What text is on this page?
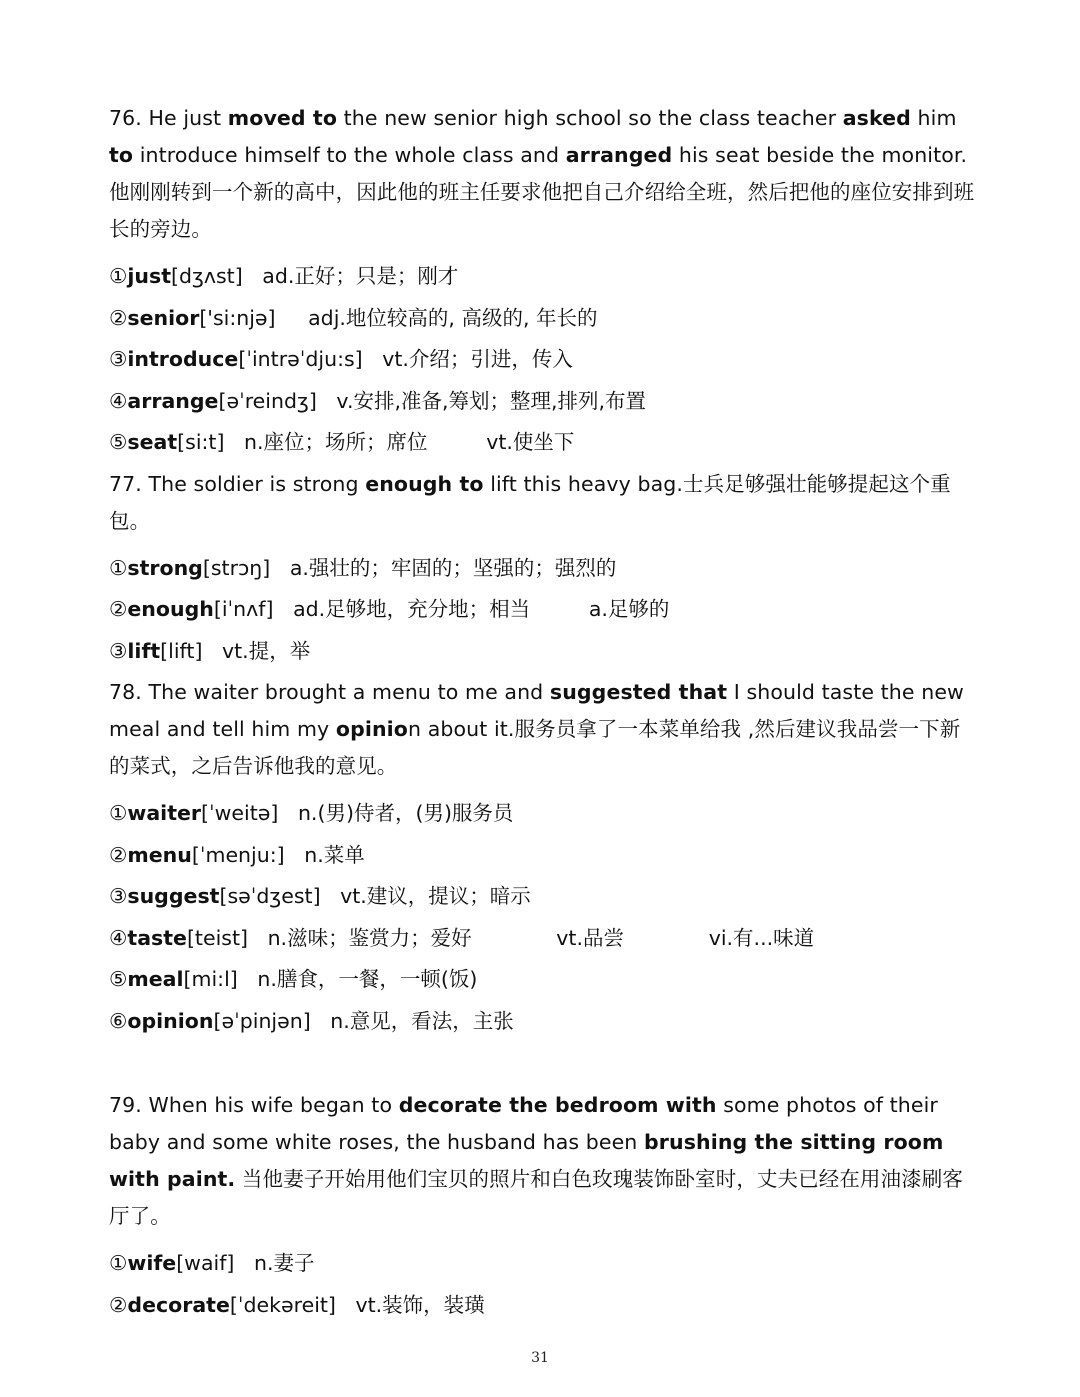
76. He just moved to the new senior high school so the class teacher asked him to introduce himself to the whole class and arranged his seat beside the monitor.他刚刚转到一个新的高中，因此他的班主任要求他把自己介绍给全班，然后把他的座位安排到班长的旁边。

①just[dʒʌst] ad.正好；只是；刚才
②senior['si:njə] adj.地位较高的, 高级的, 年长的
③introduce[ˈintrəˈdju:s] vt.介绍；引进，传入
④arrange[əˈreindʒ] v.安排,准备,筹划；整理,排列,布置
⑤seat[si:t] n.座位；场所；席位	vt.使坐下

77. The soldier is strong enough to lift this heavy bag.士兵足够强壮能够提起这个重包。

①strong[strɔŋ] a.强壮的；牢固的；坚强的；强烈的
②enough[iˈnʌf] ad.足够地，充分地；相当	a.足够的
③lift[lift] vt.提，举

78. The waiter brought a menu to me and suggested that I should taste the new meal and tell him my opinion about it.服务员拿了一本菜单给我 ,然后建议我品尝一下新的菜式，之后告诉他我的意见。

①waiter[ˈweitə] n.(男)侍者，(男)服务员
②menu[ˈmenju:] n.菜单
③suggest[səˈdʒest] vt.建议，提议；暗示
④taste[teist] n.滋味；鉴赏力；爱好	vt.品尝	vi.有...味道
⑤meal[mi:l] n.膳食，一餐，一顿(饭)
⑥opinion[əˈpinjən] n.意见，看法，主张

79. When his wife began to decorate the bedroom with some photos of their baby and some white roses, the husband has been brushing the sitting room with paint. 当他妻子开始用他们宝贝的照片和白色玫瑰装饰卧室时，丈夫已经在用油漆刷客厅了。

①wife[waif] n.妻子
②decorate[ˈdekəreit] vt.装饰，装璜
31
